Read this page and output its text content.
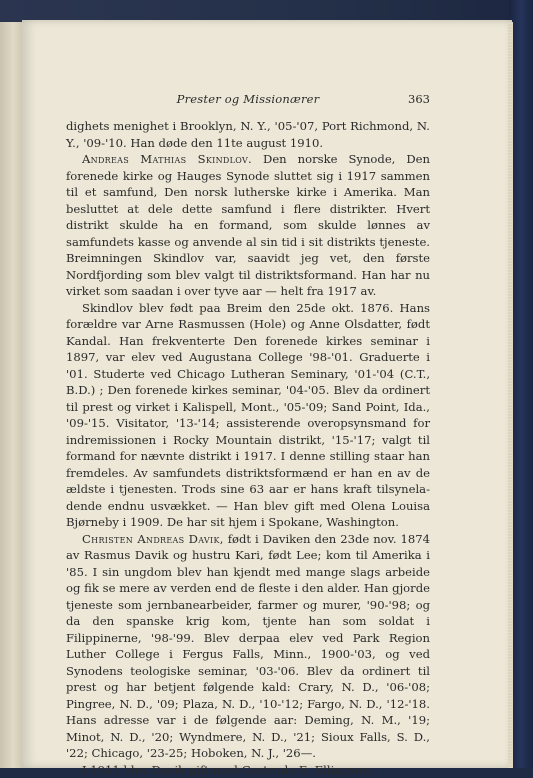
Prester og Missionærer	363

dighets menighet i Brooklyn, N. Y., '05-'07, Port Richmond, N. Y., '09-'10. Han døde den 11te august 1910.

Andreas Mathias Skindlov. Den norske Synode, Den forenede kirke og Hauges Synode sluttet sig i 1917 sammen til et samfund, Den norsk lutherske kirke i Amerika. Man besluttet at dele dette samfund i flere distrikter. Hvert distrikt skulde ha en formand, som skulde lønnes av samfundets kasse og anvende al sin tid i sit distrikts tjeneste. Breimningen Skindlov var, saavidt jeg vet, den første Nordfjording som blev valgt til distriktsformand. Han har nu virket som saadan i over tyve aar — helt fra 1917 av.

Skindlov blev født paa Breim den 25de okt. 1876. Hans forældre var Arne Rasmussen (Hole) og Anne Olsdatter, født Kandal. Han frekventerte Den forenede kirkes seminar i 1897, var elev ved Augustana College '98-'01. Graduerte i '01. Studerte ved Chicago Lutheran Seminary, '01-'04 (C.T., B.D.) ; Den forenede kirkes seminar, '04-'05. Blev da ordinert til prest og virket i Kalispell, Mont., '05-'09; Sand Point, Ida., '09-'15. Visitator, '13-'14; assisterende overopsynsmand for indremissionen i Rocky Mountain distrikt, '15-'17; valgt til formand for nævnte distrikt i 1917. I denne stilling staar han fremdeles. Av samfundets distriktsformænd er han en av de ældste i tjenesten. Trods sine 63 aar er hans kraft tilsynela-dende endnu usvækket. — Han blev gift med Olena Louisa Bjørneby i 1909. De har sit hjem i Spokane, Washington.

Christen Andreas Davik, født i Daviken den 23de nov. 1874 av Rasmus Davik og hustru Kari, født Lee; kom til Amerika i '85. I sin ungdom blev han kjendt med mange slags arbeide og fik se mere av verden end de fleste i den alder. Han gjorde tjeneste som jernbanearbeider, farmer og murer, '90-'98; og da den spanske krig kom, tjente han som soldat i Filippinerne, '98-'99. Blev derpaa elev ved Park Region Luther College i Fergus Falls, Minn., 1900-'03, og ved Synodens teologiske seminar, '03-'06. Blev da ordinert til prest og har betjent følgende kald: Crary, N. D., '06-'08; Pingree, N. D., '09; Plaza, N. D., '10-'12; Fargo, N. D., '12-'18. Hans adresse var i de følgende aar: Deming, N. M., '19; Minot, N. D., '20; Wyndmere, N. D., '21; Sioux Falls, S. D., '22; Chicago, '23-25; Hoboken, N. J., '26—.

I 1911 blev Davik gift med Gertrude E. Ellingson.
